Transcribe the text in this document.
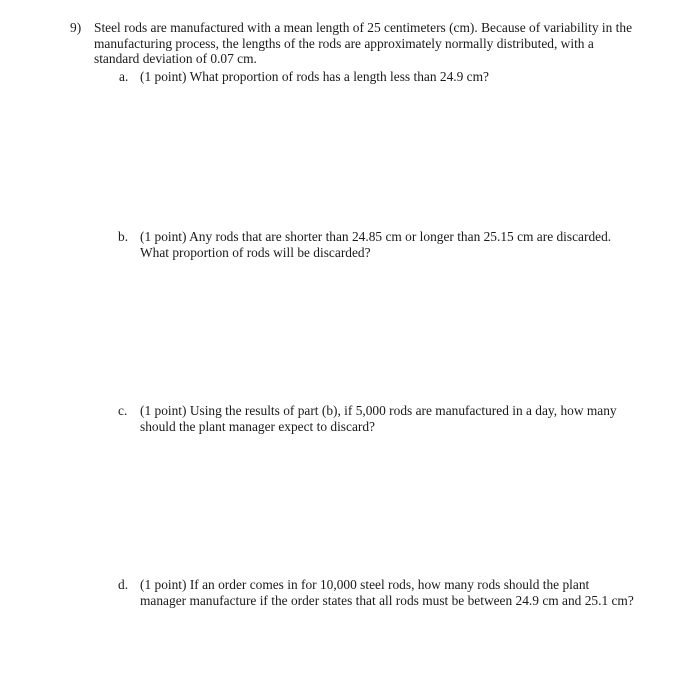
9) Steel rods are manufactured with a mean length of 25 centimeters (cm). Because of variability in the
manufacturing process, the lengths of the rods are approximately normally distributed, with a
standard deviation of 0.07 cm.
a. (1 point) What proportion of rods has a length less than 24.9 cm?
b. (1 point) Any rods that are shorter than 24.85 cm or longer than 25.15 cm are discarded.
What proportion of rods will be discarded?
c. (1 point) Using the results of part (b), if 5,000 rods are manufactured in a day, how many
should the plant manager expect to discard?
d. (1 point) If an order comes in for 10,000 steel rods, how many rods should the plant
manager manufacture if the order states that all rods must be between 24.9 cm and 25.1 cm?
